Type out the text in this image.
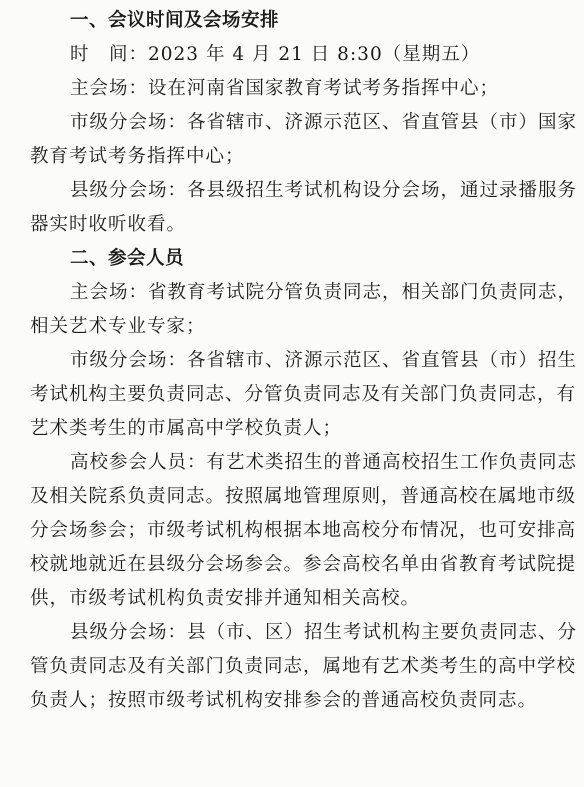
一、会议时间及会场安排

时　间：2023 年 4 月 21 日 8:30（星期五）

主会场：设在河南省国家教育考试考务指挥中心；

市级分会场：各省辖市、济源示范区、省直管县（市）国家
教育考试考务指挥中心；

县级分会场：各县级招生考试机构设分会场，通过录播服务
器实时收听收看。

二、参会人员

主会场：省教育考试院分管负责同志，相关部门负责同志，
相关艺术专业专家；

市级分会场：各省辖市、济源示范区、省直管县（市）招生
考试机构主要负责同志、分管负责同志及有关部门负责同志，有
艺术类考生的市属高中学校负责人；

高校参会人员：有艺术类招生的普通高校招生工作负责同志
及相关院系负责同志。按照属地管理原则，普通高校在属地市级
分会场参会；市级考试机构根据本地高校分布情况，也可安排高
校就地就近在县级分会场参会。参会高校名单由省教育考试院提
供，市级考试机构负责安排并通知相关高校。

县级分会场：县（市、区）招生考试机构主要负责同志、分
管负责同志及有关部门负责同志，属地有艺术类考生的高中学校
负责人；按照市级考试机构安排参会的普通高校负责同志。
